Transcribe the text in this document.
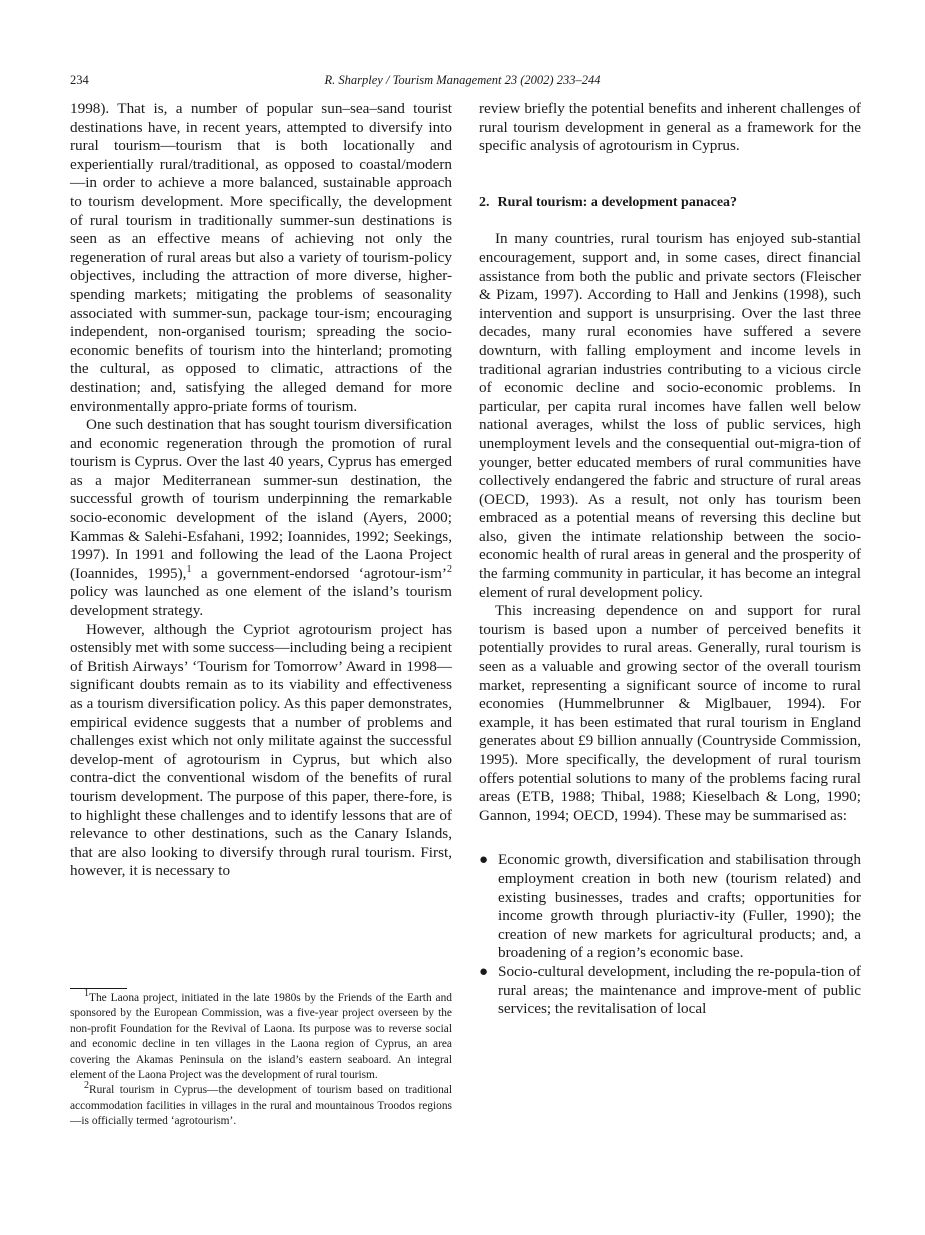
234	R. Sharpley / Tourism Management 23 (2002) 233–244

1998). That is, a number of popular sun–sea–sand tourist destinations have, in recent years, attempted to diversify into rural tourism—tourism that is both locationally and experientially rural/traditional, as opposed to coastal/modern—in order to achieve a more balanced, sustainable approach to tourism development. More specifically, the development of rural tourism in traditionally summer-sun destinations is seen as an effective means of achieving not only the regeneration of rural areas but also a variety of tourism-policy objectives, including the attraction of more diverse, higher-spending markets; mitigating the problems of seasonality associated with summer-sun, package tour-ism; encouraging independent, non-organised tourism; spreading the socio-economic benefits of tourism into the hinterland; promoting the cultural, as opposed to climatic, attractions of the destination; and, satisfying the alleged demand for more environmentally appro-priate forms of tourism.

One such destination that has sought tourism diversification and economic regeneration through the promotion of rural tourism is Cyprus. Over the last 40 years, Cyprus has emerged as a major Mediterranean summer-sun destination, the successful growth of tourism underpinning the remarkable socio-economic development of the island (Ayers, 2000; Kammas & Salehi-Esfahani, 1992; Ioannides, 1992; Seekings, 1997). In 1991 and following the lead of the Laona Project (Ioannides, 1995),$^1$ a government-endorsed ‘agrotour-ism’$^2$ policy was launched as one element of the island’s tourism development strategy.

However, although the Cypriot agrotourism project has ostensibly met with some success—including being a recipient of British Airways’ ‘Tourism for Tomorrow’ Award in 1998—significant doubts remain as to its viability and effectiveness as a tourism diversification policy. As this paper demonstrates, empirical evidence suggests that a number of problems and challenges exist which not only militate against the successful develop-ment of agrotourism in Cyprus, but which also contra-dict the conventional wisdom of the benefits of rural tourism development. The purpose of this paper, there-fore, is to highlight these challenges and to identify lessons that are of relevance to other destinations, such as the Canary Islands, that are also looking to diversify through rural tourism. First, however, it is necessary to

$^1$The Laona project, initiated in the late 1980s by the Friends of the Earth and sponsored by the European Commission, was a five-year project overseen by the non-profit Foundation for the Revival of Laona. Its purpose was to reverse social and economic decline in ten villages in the Laona region of Cyprus, an area covering the Akamas Peninsula on the island’s eastern seaboard. An integral element of the Laona Project was the development of rural tourism.

$^2$Rural tourism in Cyprus—the development of tourism based on traditional accommodation facilities in villages in the rural and mountainous Troodos regions—is officially termed ‘agrotourism’.

review briefly the potential benefits and inherent challenges of rural tourism development in general as a framework for the specific analysis of agrotourism in Cyprus.

2. Rural tourism: a development panacea?

In many countries, rural tourism has enjoyed sub-stantial encouragement, support and, in some cases, direct financial assistance from both the public and private sectors (Fleischer & Pizam, 1997). According to Hall and Jenkins (1998), such intervention and support is unsurprising. Over the last three decades, many rural economies have suffered a severe downturn, with falling employment and income levels in traditional agrarian industries contributing to a vicious circle of economic decline and socio-economic problems. In particular, per capita rural incomes have fallen well below national averages, whilst the loss of public services, high unemployment levels and the consequential out-migra-tion of younger, better educated members of rural communities have collectively endangered the fabric and structure of rural areas (OECD, 1993). As a result, not only has tourism been embraced as a potential means of reversing this decline but also, given the intimate relationship between the socio-economic health of rural areas in general and the prosperity of the farming community in particular, it has become an integral element of rural development policy.

This increasing dependence on and support for rural tourism is based upon a number of perceived benefits it potentially provides to rural areas. Generally, rural tourism is seen as a valuable and growing sector of the overall tourism market, representing a significant source of income to rural economies (Hummelbrunner & Miglbauer, 1994). For example, it has been estimated that rural tourism in England generates about £9 billion annually (Countryside Commission, 1995). More specifically, the development of rural tourism offers potential solutions to many of the problems facing rural areas (ETB, 1988; Thibal, 1988; Kieselbach & Long, 1990; Gannon, 1994; OECD, 1994). These may be summarised as:

● Economic growth, diversification and stabilisation through employment creation in both new (tourism related) and existing businesses, trades and crafts; opportunities for income growth through pluriactiv-ity (Fuller, 1990); the creation of new markets for agricultural products; and, a broadening of a region’s economic base.
● Socio-cultural development, including the re-popula-tion of rural areas; the maintenance and improve-ment of public services; the revitalisation of local
